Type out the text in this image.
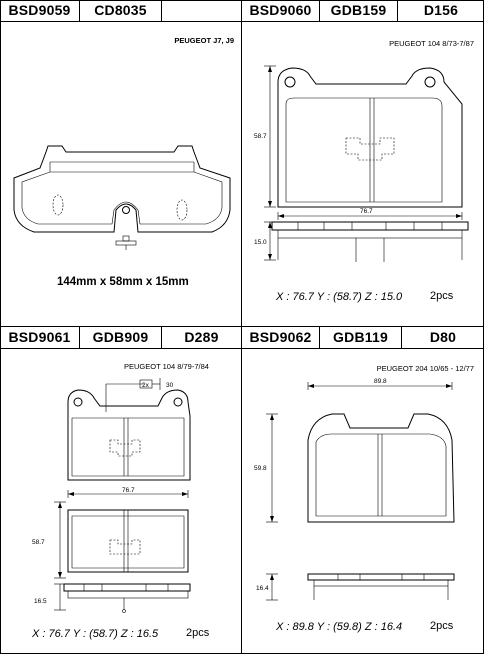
BSD9059	CD8035
PEUGEOT J7, J9
144mm x 58mm x 15mm
BSD9060	GDB159	D156
PEUGEOT 104 8/73-7/87
58.7
76.7
15.0
X : 76.7 Y : (58.7) Z : 15.0	2pcs
BSD9061	GDB909	D289
PEUGEOT 104 8/79-7/84
2x	30
76.7
58.7
16.5
X : 76.7 Y : (58.7) Z : 16.5	2pcs
BSD9062	GDB119	D80
PEUGEOT 204 10/65 - 12/77
89.8
59.8
16.4
X : 89.8 Y : (59.8) Z : 16.4	2pcs
